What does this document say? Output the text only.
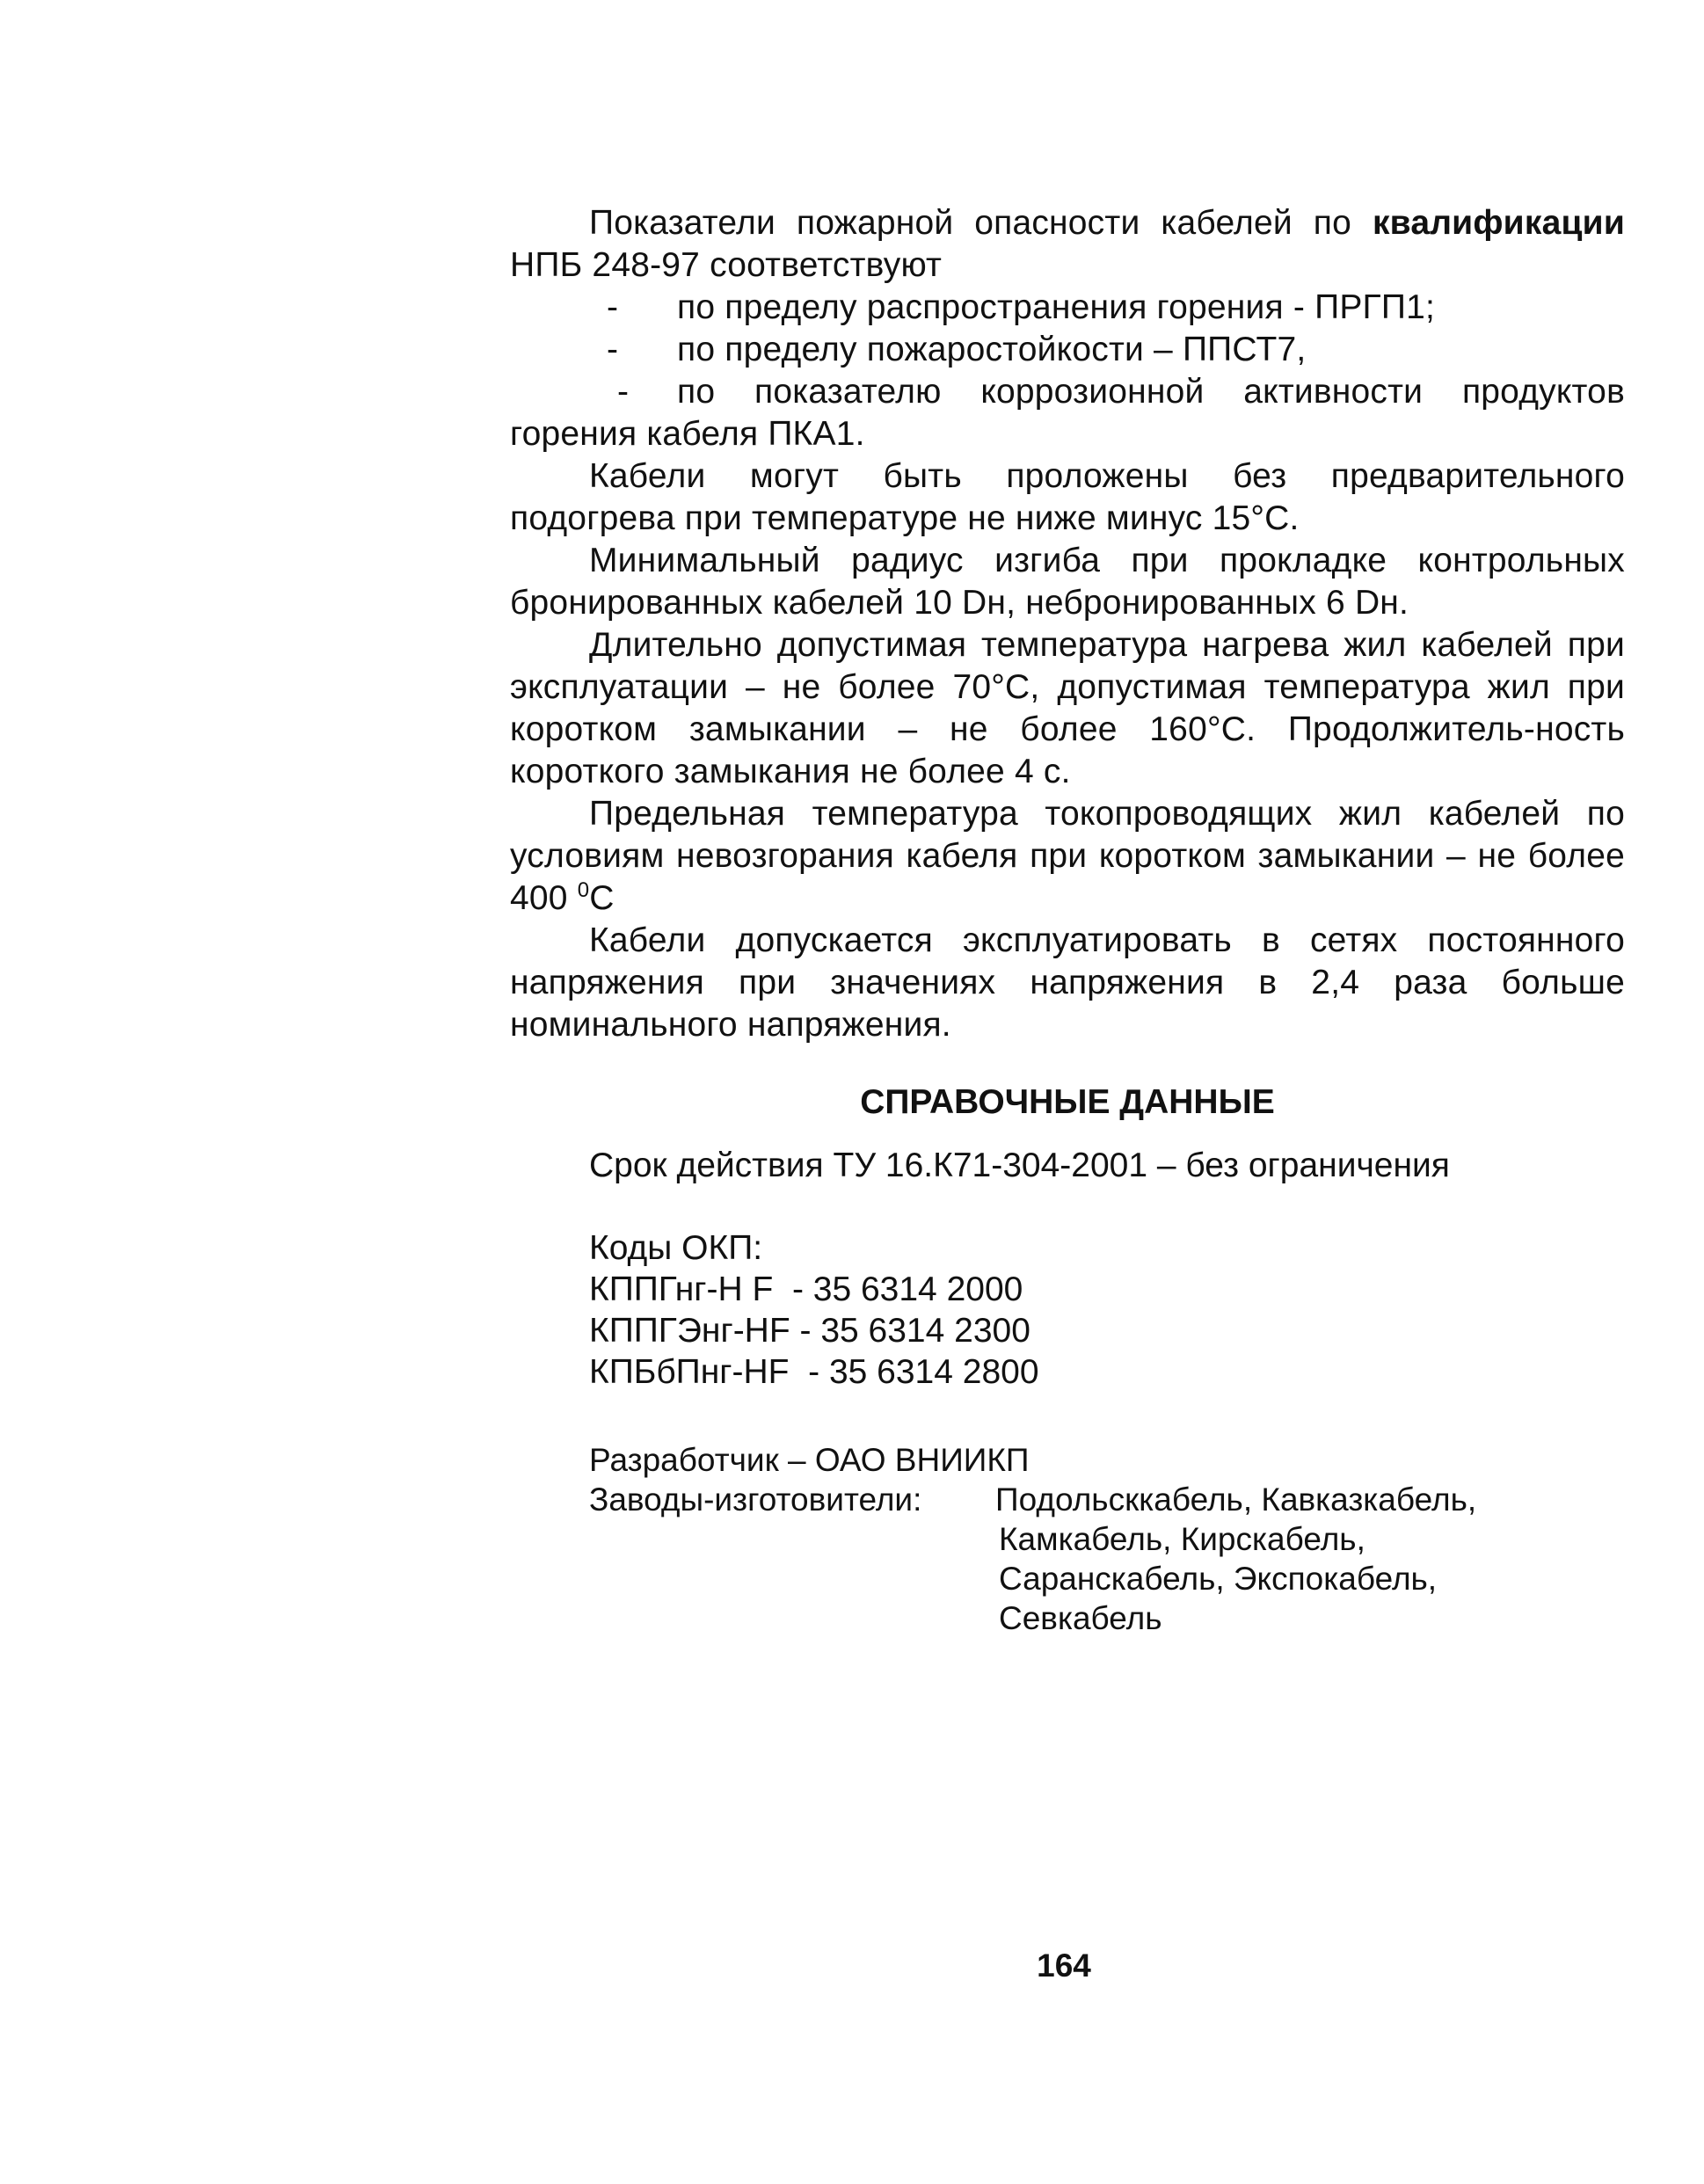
Показатели пожарной опасности кабелей по квалификации НПБ 248-97 соответствуют

- по пределу распространения горения - ПРГП1;

- по пределу пожаростойкости – ППСТ7,

- по показателю коррозионной активности продуктов горения кабеля ПКА1.

Кабели могут быть проложены без предварительного подогрева при температуре не ниже минус 15°С.

Минимальный радиус изгиба при прокладке контрольных бронированных кабелей 10 Dн, небронированных 6 Dн.

Длительно допустимая температура нагрева жил кабелей при эксплуатации – не более 70°С, допустимая температура жил при коротком замыкании – не более 160°С. Продолжитель-ность короткого замыкания не более 4 с.

Предельная температура токопроводящих жил кабелей по условиям невозгорания кабеля при коротком замыкании – не более 400 $^0$С

Кабели допускается эксплуатировать в сетях постоянного напряжения при значениях напряжения в 2,4 раза больше номинального напряжения.

СПРАВОЧНЫЕ ДАННЫЕ
Срок действия ТУ 16.К71-304-2001 – без ограничения
Коды ОКП:
КППГнг-Н F  - 35 6314 2000
КППГЭнг-HF - 35 6314 2300
КПБбПнг-HF  - 35 6314 2800
Разработчик – ОАО ВНИИКП
Заводы-изготовители: Подольсккабель, Кавказкабель,
Камкабель, Кирскабель,
Саранскабель, Экспокабель,
Севкабель
164
